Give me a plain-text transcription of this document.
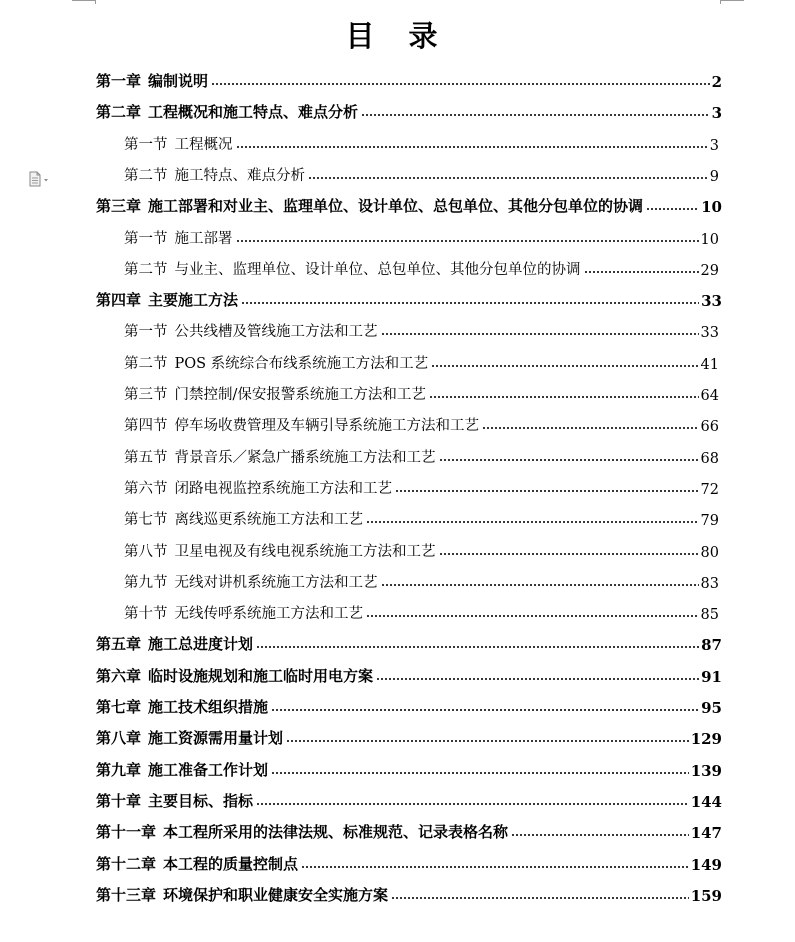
目 录
第一章 编制说明	2
第二章 工程概况和施工特点、难点分析	3
第一节 工程概况	3
第二节 施工特点、难点分析	9
第三章 施工部署和对业主、监理单位、设计单位、总包单位、其他分包单位的协调	10
第一节 施工部署	10
第二节 与业主、监理单位、设计单位、总包单位、其他分包单位的协调	29
第四章 主要施工方法	33
第一节 公共线槽及管线施工方法和工艺	33
第二节 POS 系统综合布线系统施工方法和工艺	41
第三节 门禁控制/保安报警系统施工方法和工艺	64
第四节 停车场收费管理及车辆引导系统施工方法和工艺	66
第五节 背景音乐／紧急广播系统施工方法和工艺	68
第六节 闭路电视监控系统施工方法和工艺	72
第七节 离线巡更系统施工方法和工艺	79
第八节 卫星电视及有线电视系统施工方法和工艺	80
第九节 无线对讲机系统施工方法和工艺	83
第十节 无线传呼系统施工方法和工艺	85
第五章 施工总进度计划	87
第六章 临时设施规划和施工临时用电方案	91
第七章 施工技术组织措施	95
第八章 施工资源需用量计划	129
第九章 施工准备工作计划	139
第十章 主要目标、指标	144
第十一章 本工程所采用的法律法规、标准规范、记录表格名称	147
第十二章 本工程的质量控制点	149
第十三章 环境保护和职业健康安全实施方案	159
